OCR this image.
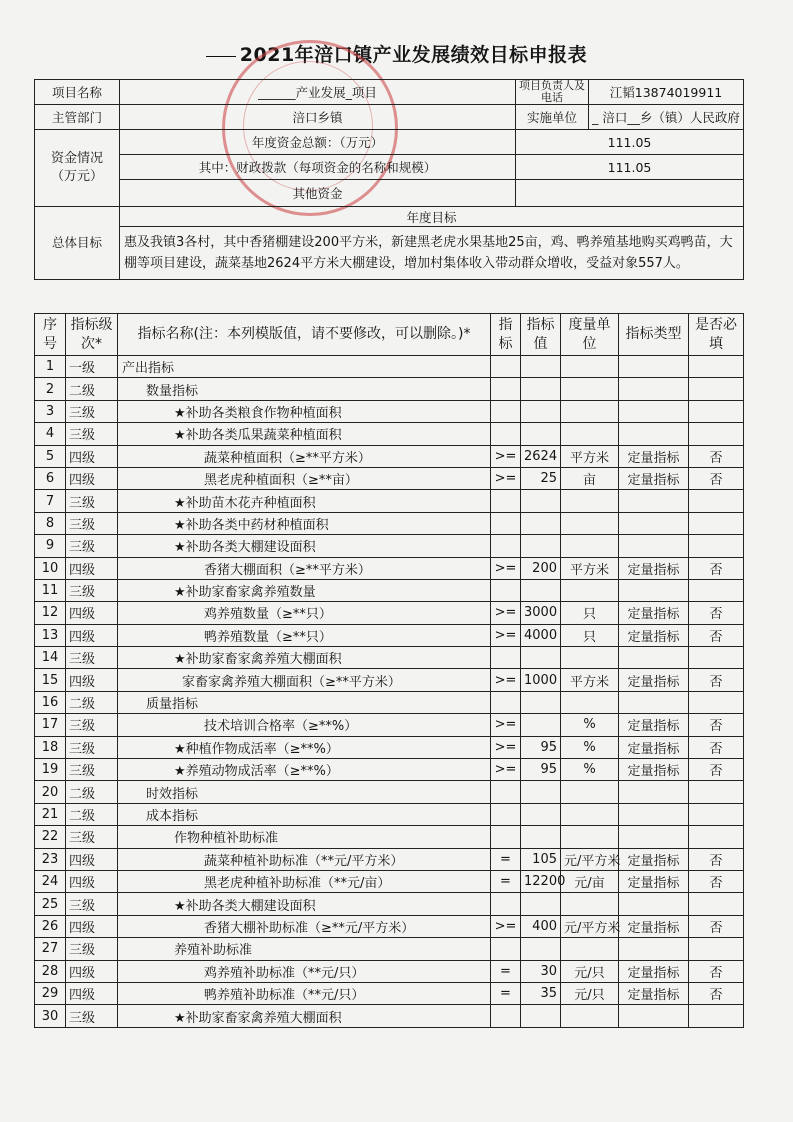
2021年涪口镇产业发展绩效目标申报表
项目名称	______产业发展_项目	项目负责人及电话	江韬13874019911
主管部门	涪口乡镇	实施单位	_ 涪口__乡（镇）人民政府
资金情况（万元）	年度资金总额：（万元）	111.05	
	其中：财政拨款（每项资金的名称和规模）	111.05	
	其他资金		
总体目标	年度目标		
	惠及我镇3各村，其中香猪棚建设200平方米，新建黑老虎水果基地25亩，鸡、鸭养殖基地购买鸡鸭苗，大棚等项目建设，蔬菜基地2624平方米大棚建设，增加村集体收入带动群众增收，受益对象557人。		
序号	指标级次*	指标名称(注：本列模版值，请不要修改，可以删除。)*	指标	指标值	度量单位	指标类型	是否必填
1	一级	产出指标					
2	二级	数量指标					
3	三级	★补助各类粮食作物种植面积					
4	三级	★补助各类瓜果蔬菜种植面积					
5	四级	蔬菜种植面积（≥**平方米）	>=	2624	平方米	定量指标	否
6	四级	黑老虎种植面积（≥**亩）	>=	25	亩	定量指标	否
7	三级	★补助苗木花卉种植面积					
8	三级	★补助各类中药材种植面积					
9	三级	★补助各类大棚建设面积					
10	四级	香猪大棚面积（≥**平方米）	>=	200	平方米	定量指标	否
11	三级	★补助家畜家禽养殖数量					
12	四级	鸡养殖数量（≥**只）	>=	3000	只	定量指标	否
13	四级	鸭养殖数量（≥**只）	>=	4000	只	定量指标	否
14	三级	★补助家畜家禽养殖大棚面积					
15	四级	家畜家禽养殖大棚面积（≥**平方米）	>=	1000	平方米	定量指标	否
16	二级	质量指标					
17	三级	技术培训合格率（≥**%）	>=		%	定量指标	否
18	三级	★种植作物成活率（≥**%）	>=	95	%	定量指标	否
19	三级	★养殖动物成活率（≥**%）	>=	95	%	定量指标	否
20	二级	时效指标					
21	二级	成本指标					
22	三级	作物种植补助标准					
23	四级	蔬菜种植补助标准（**元/平方米）	=	105	元/平方米	定量指标	否
24	四级	黑老虎种植补助标准（**元/亩）	=	12200	元/亩	定量指标	否
25	三级	★补助各类大棚建设面积					
26	四级	香猪大棚补助标准（≥**元/平方米）	>=	400	元/平方米	定量指标	否
27	三级	养殖补助标准					
28	四级	鸡养殖补助标准（**元/只）	=	30	元/只	定量指标	否
29	四级	鸭养殖补助标准（**元/只）	=	35	元/只	定量指标	否
30	三级	★补助家畜家禽养殖大棚面积					
